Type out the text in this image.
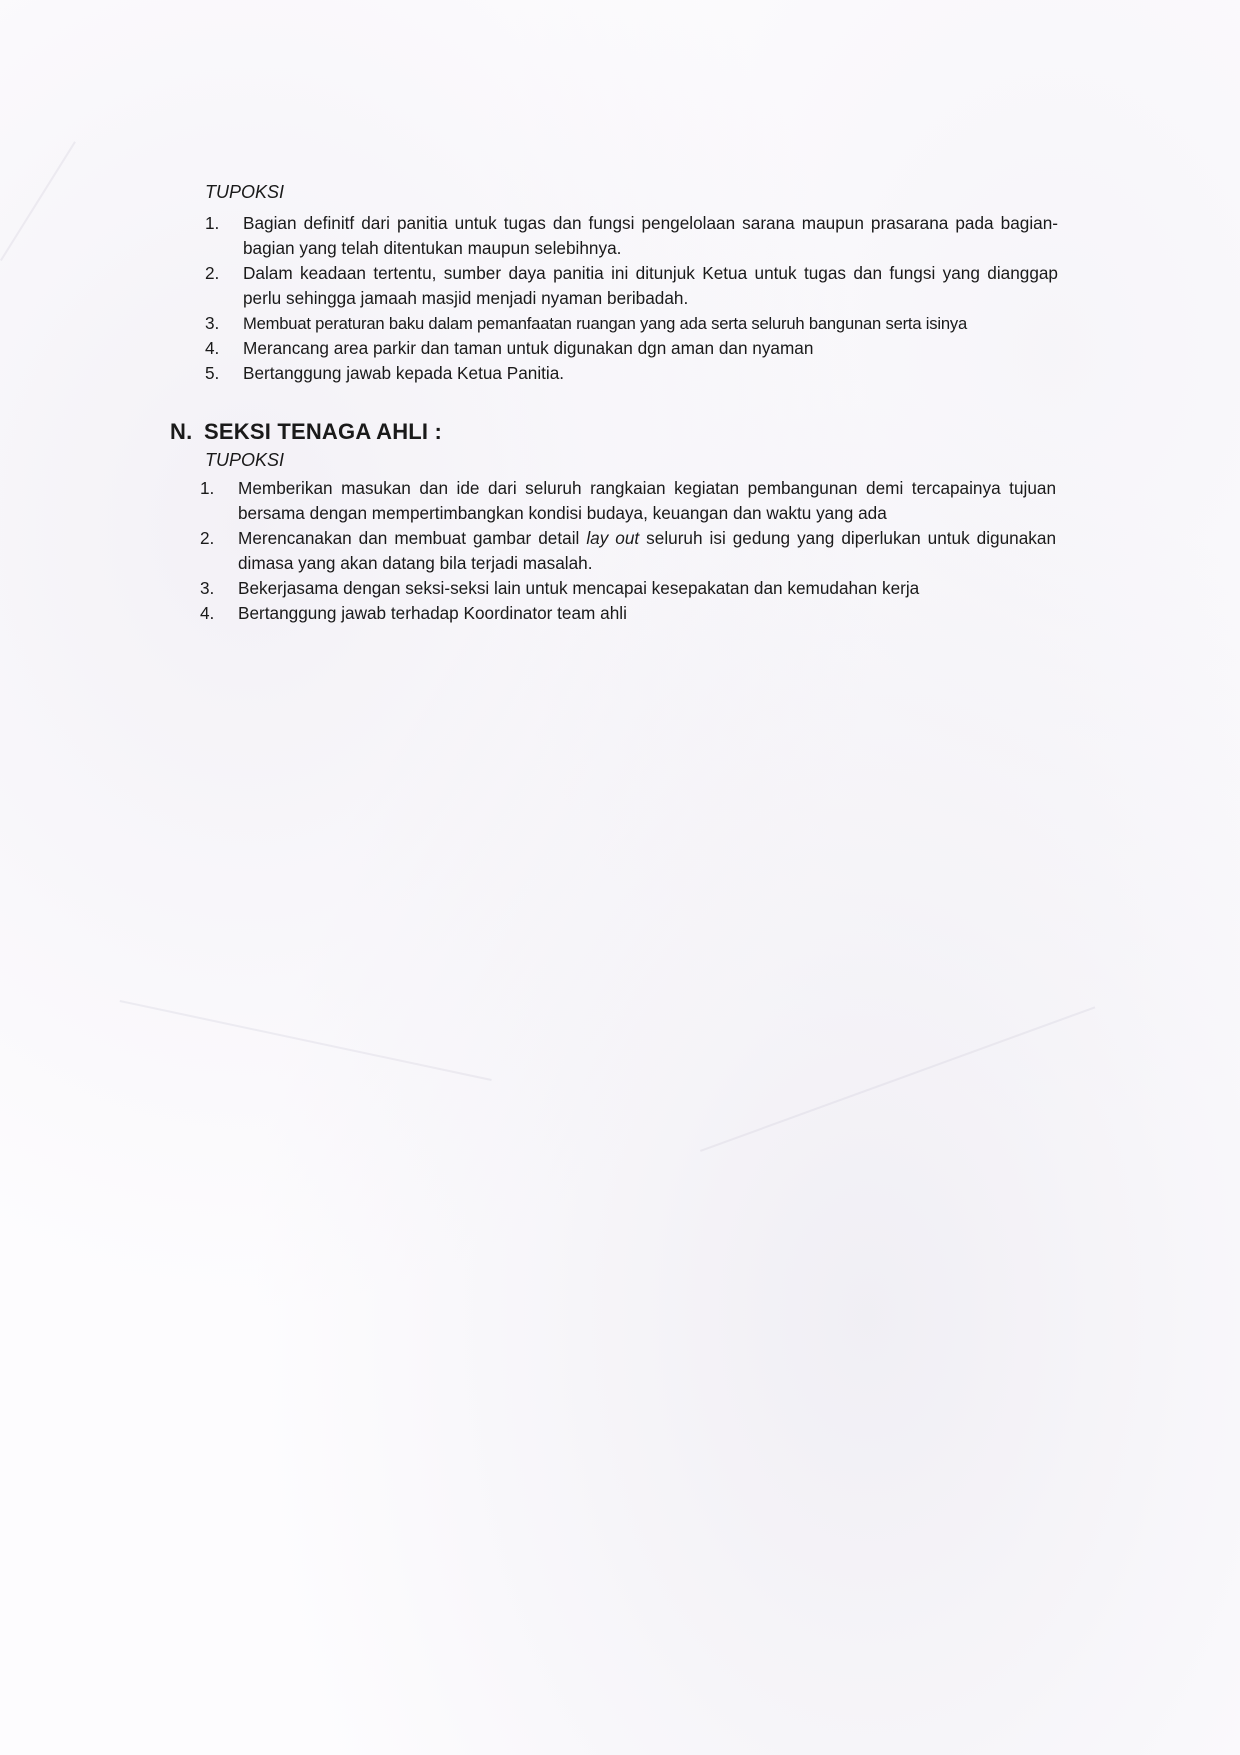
TUPOKSI
1.	Bagian definitf dari panitia untuk tugas dan fungsi pengelolaan sarana maupun prasarana pada bagian-bagian yang telah ditentukan maupun selebihnya.
2.	Dalam keadaan tertentu, sumber daya panitia ini ditunjuk Ketua untuk tugas dan fungsi yang dianggap perlu sehingga jamaah masjid menjadi nyaman beribadah.
3.	Membuat peraturan baku dalam pemanfaatan ruangan yang ada serta seluruh bangunan serta isinya
4.	Merancang area parkir dan taman untuk digunakan dgn aman dan nyaman
5.	Bertanggung jawab kepada Ketua Panitia.
N. SEKSI TENAGA AHLI :
TUPOKSI
1.	Memberikan masukan dan ide dari seluruh rangkaian kegiatan pembangunan demi tercapainya tujuan bersama dengan mempertimbangkan kondisi budaya, keuangan dan waktu yang ada
2.	Merencanakan dan membuat gambar detail lay out seluruh isi gedung yang diperlukan untuk digunakan dimasa yang akan datang bila terjadi masalah.
3.	Bekerjasama dengan seksi-seksi lain untuk mencapai kesepakatan dan kemudahan kerja
4.	Bertanggung jawab terhadap Koordinator team ahli
